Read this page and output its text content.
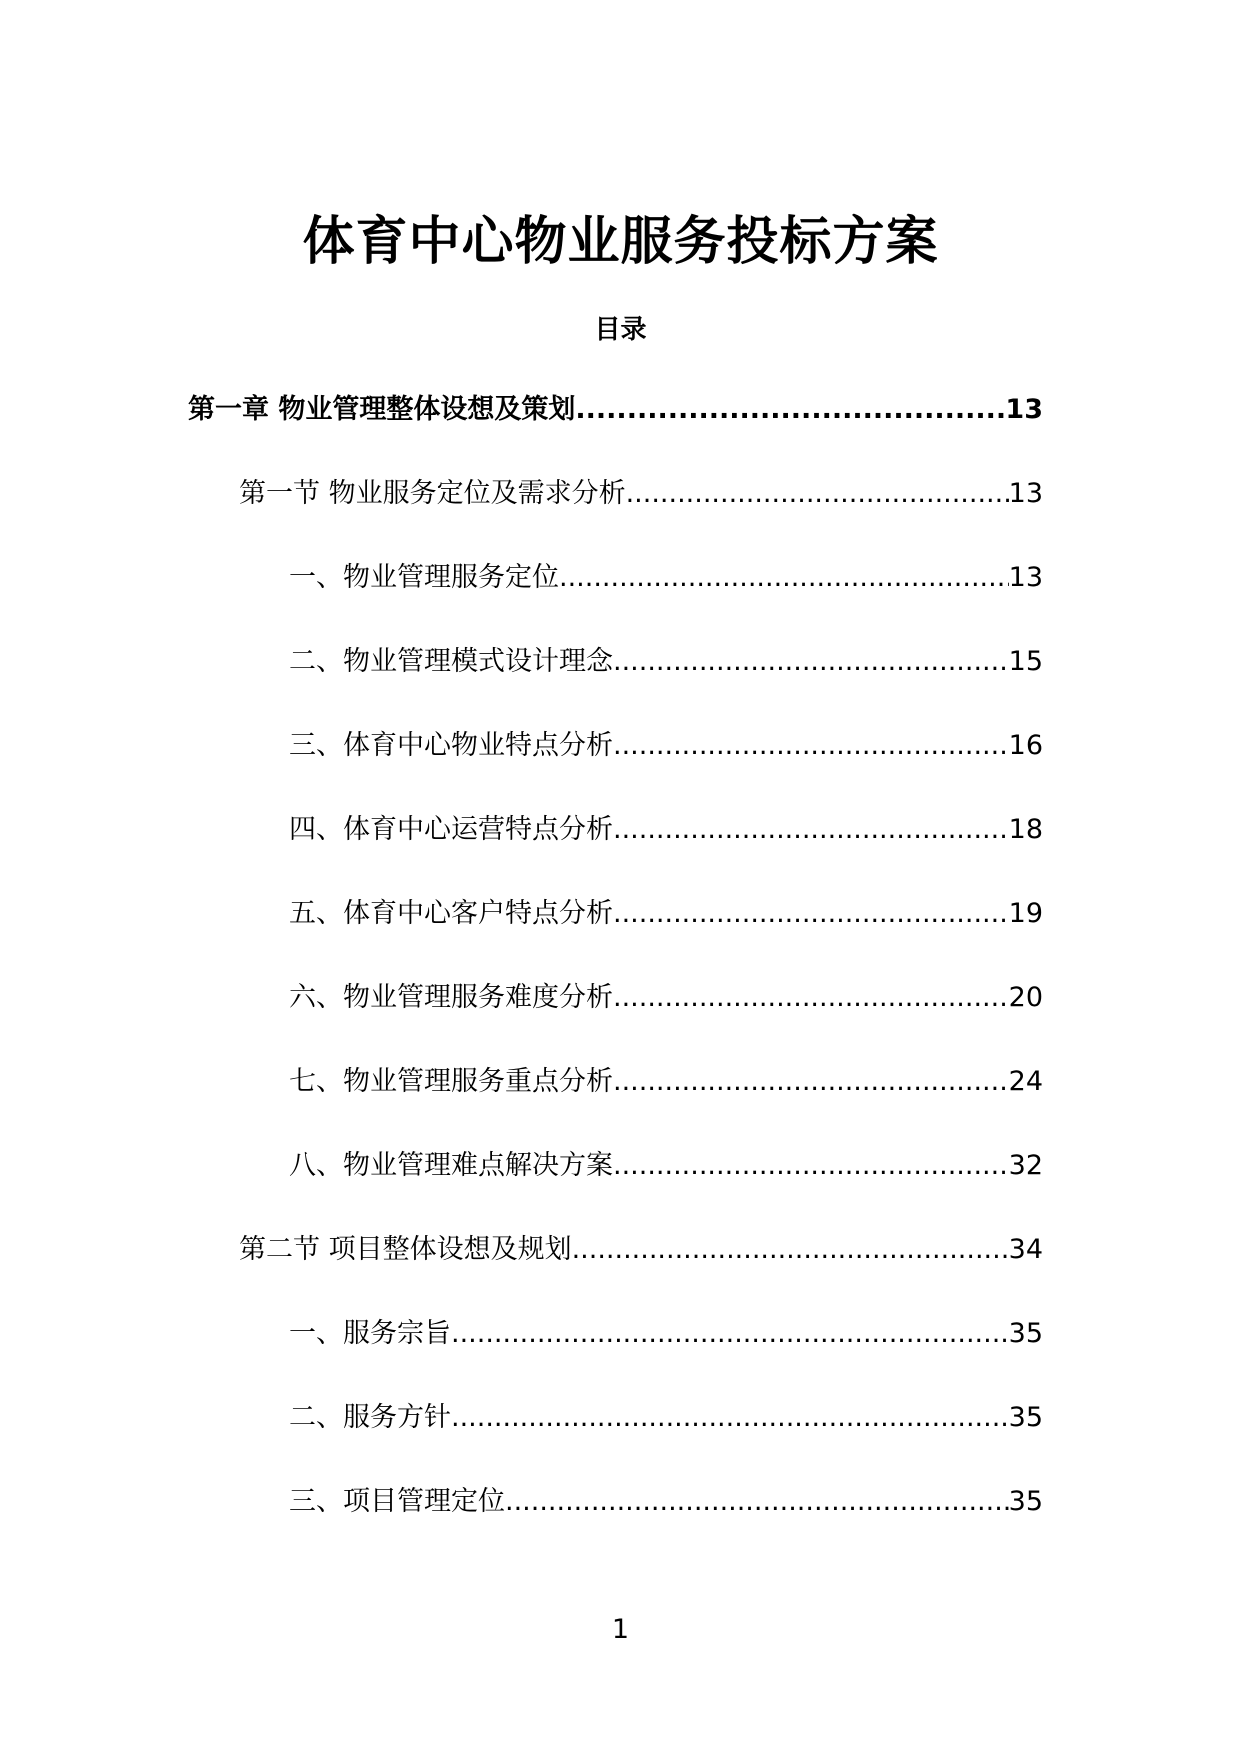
体育中心物业服务投标方案
目录
第一章 物业管理整体设想及策划 .....	13
第一节 物业服务定位及需求分析 .....	13
一、物业管理服务定位 .....	13
二、物业管理模式设计理念 .....	15
三、体育中心物业特点分析 .....	16
四、体育中心运营特点分析 .....	18
五、体育中心客户特点分析 .....	19
六、物业管理服务难度分析 .....	20
七、物业管理服务重点分析 .....	24
八、物业管理难点解决方案 .....	32
第二节 项目整体设想及规划 .....	34
一、服务宗旨 .....	35
二、服务方针 .....	35
三、项目管理定位 .....	35
1
